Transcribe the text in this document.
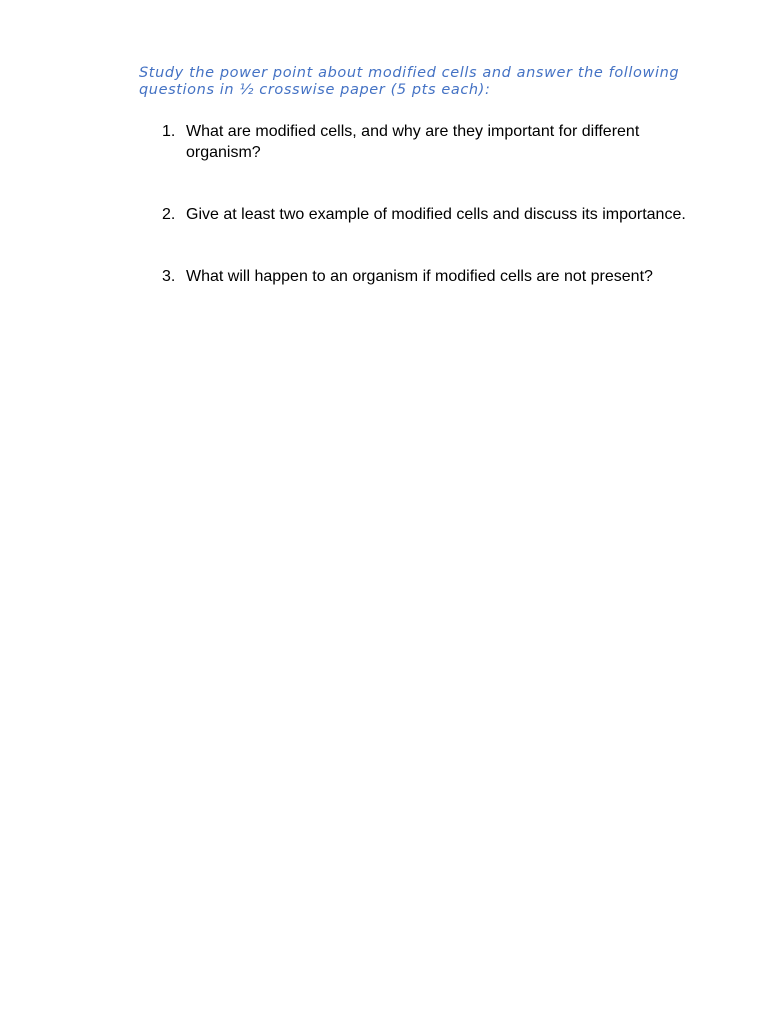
Study the power point about modified cells and answer the following questions in ½ crosswise paper (5 pts each):

1. What are modified cells, and why are they important for different organism?
2. Give at least two example of modified cells and discuss its importance.
3. What will happen to an organism if modified cells are not present?
